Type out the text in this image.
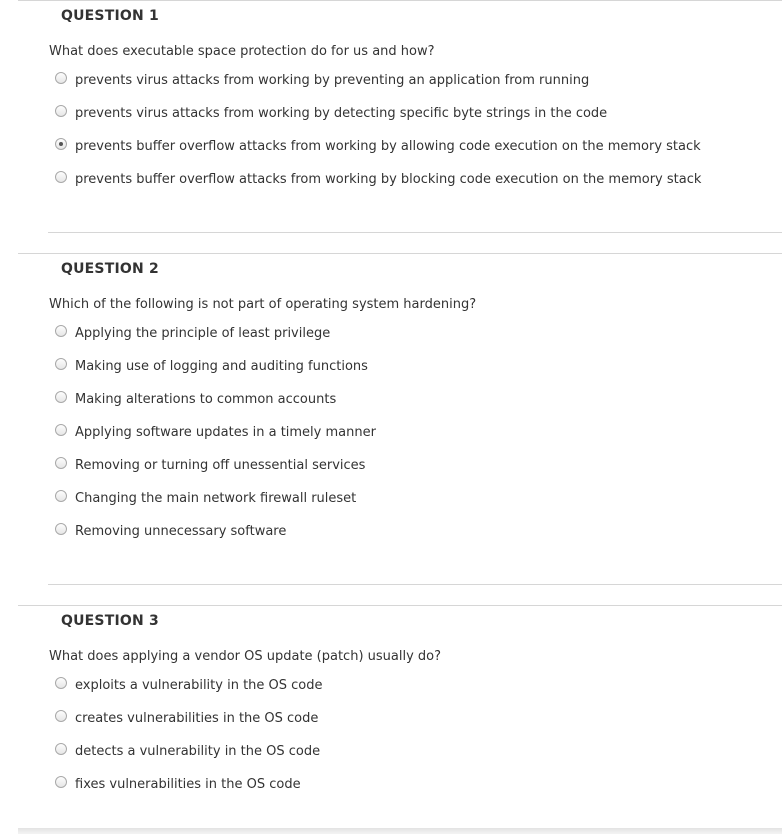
QUESTION 1
What does executable space protection do for us and how?
prevents virus attacks from working by preventing an application from running
prevents virus attacks from working by detecting specific byte strings in the code
prevents buffer overflow attacks from working by allowing code execution on the memory stack
prevents buffer overflow attacks from working by blocking code execution on the memory stack
QUESTION 2
Which of the following is not part of operating system hardening?
Applying the principle of least privilege
Making use of logging and auditing functions
Making alterations to common accounts
Applying software updates in a timely manner
Removing or turning off unessential services
Changing the main network firewall ruleset
Removing unnecessary software
QUESTION 3
What does applying a vendor OS update (patch) usually do?
exploits a vulnerability in the OS code
creates vulnerabilities in the OS code
detects a vulnerability in the OS code
fixes vulnerabilities in the OS code
